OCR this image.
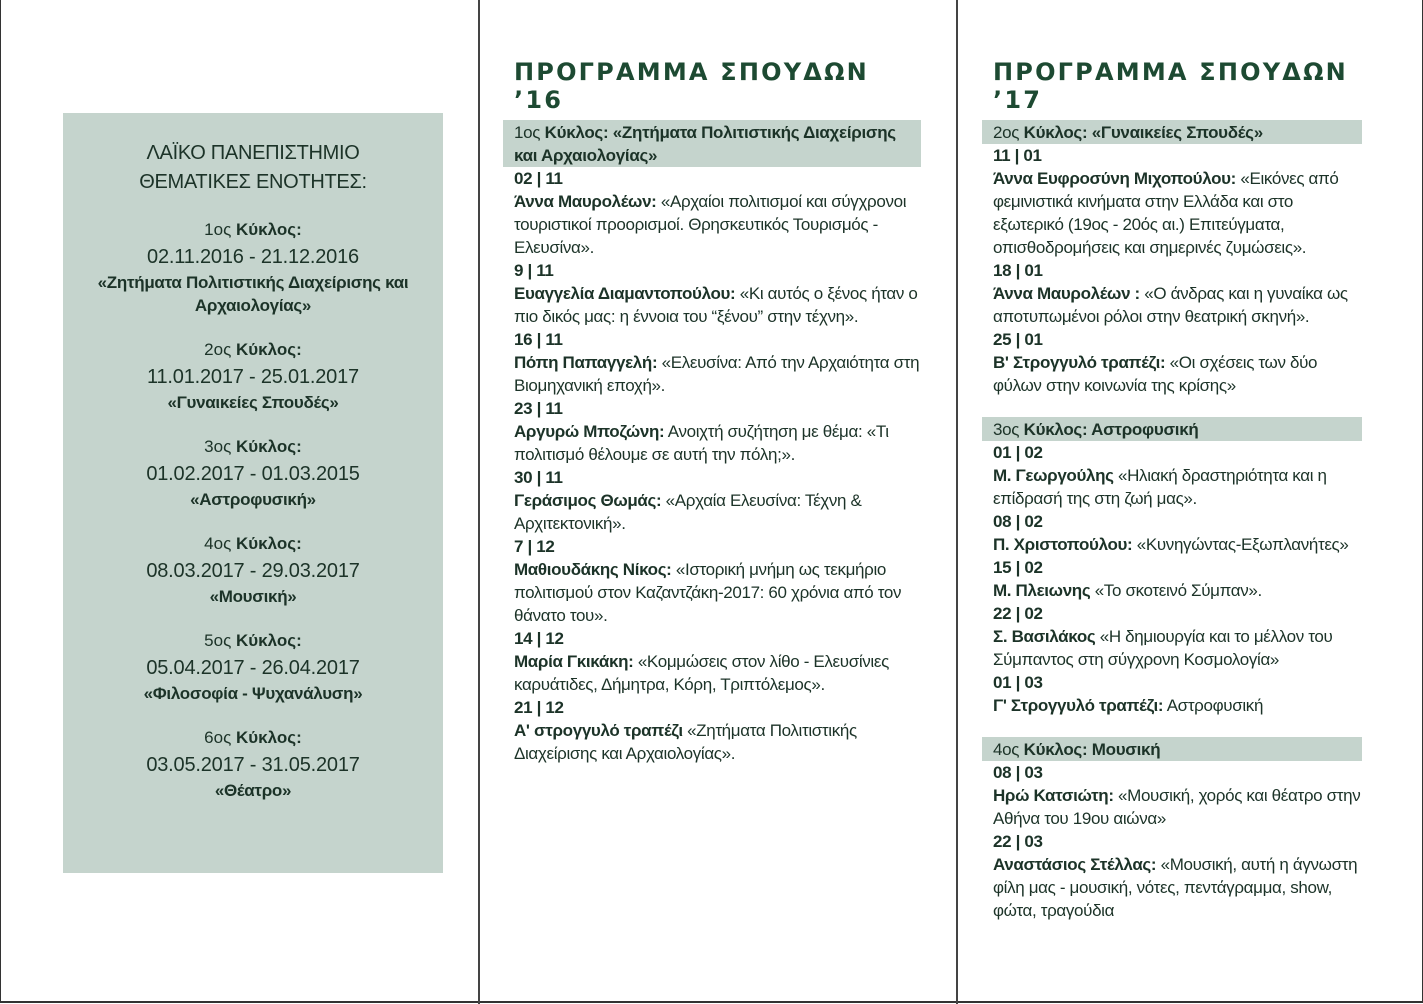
ΛΑΪΚΟ ΠΑΝΕΠΙΣΤΗΜΙΟ
ΘΕΜΑΤΙΚΕΣ ΕΝΟΤΗΤΕΣ:
1ος Κύκλος:
02.11.2016 - 21.12.2016
«Ζητήματα Πολιτιστικής Διαχείρισης και Αρχαιολογίας»
2ος Κύκλος:
11.01.2017 - 25.01.2017
«Γυναικείες Σπουδές»
3ος Κύκλος:
01.02.2017 - 01.03.2015
«Αστροφυσική»
4ος Κύκλος:
08.03.2017 - 29.03.2017
«Μουσική»
5ος Κύκλος:
05.04.2017 - 26.04.2017
«Φιλοσοφία - Ψυχανάλυση»
6ος Κύκλος:
03.05.2017 - 31.05.2017
«Θέατρο»
ΠΡΟΓΡΑΜΜΑ ΣΠΟΥΔΩΝ ’16
1ος Κύκλος: «Ζητήματα Πολιτιστικής Διαχείρισης και Αρχαιολογίας»
02 | 11
Άννα Μαυρολέων: «Αρχαίοι πολιτισμοί και σύγχρονοι τουριστικοί προορισμοί. Θρησκευτικός Τουρισμός - Ελευσίνα».
9 | 11
Ευαγγελία Διαμαντοπούλου: «Κι αυτός ο ξένος ήταν ο πιο δικός μας: η έννοια του “ξένου” στην τέχνη».
16 | 11
Πόπη Παπαγγελή: «Ελευσίνα: Από την Αρχαιότητα στη Βιομηχανική εποχή».
23 | 11
Αργυρώ Μποζώνη: Ανοιχτή συζήτηση με θέμα: «Τι πολιτισμό θέλουμε σε αυτή την πόλη;».
30 | 11
Γεράσιμος Θωμάς: «Αρχαία Ελευσίνα: Τέχνη & Αρχιτεκτονική».
7 | 12
Μαθιουδάκης Νίκος: «Ιστορική μνήμη ως τεκμήριο πολιτισμού στον Καζαντζάκη-2017: 60 χρόνια από τον θάνατο του».
14 | 12
Μαρία Γκικάκη: «Κομμώσεις στον λίθο - Ελευσίνιες καρυάτιδες, Δήμητρα, Κόρη, Τριπτόλεμος».
21 | 12
Α' στρογγυλό τραπέζι «Ζητήματα Πολιτιστικής Διαχείρισης και Αρχαιολογίας».
ΠΡΟΓΡΑΜΜΑ ΣΠΟΥΔΩΝ ’17
2ος Κύκλος: «Γυναικείες Σπουδές»
11 | 01
Άννα Ευφροσύνη Μιχοπούλου: «Εικόνες από φεμινιστικά κινήματα στην Ελλάδα και στο εξωτερικό (19ος - 20ός αι.) Επιτεύγματα, οπισθοδρομήσεις και σημερινές ζυμώσεις».
18 | 01
Άννα Μαυρολέων : «Ο άνδρας και η γυναίκα ως αποτυπωμένοι ρόλοι στην θεατρική σκηνή».
25 | 01
Β' Στρογγυλό τραπέζι: «Οι σχέσεις των δύο φύλων στην κοινωνία της κρίσης»
3ος Κύκλος: Αστροφυσική
01 | 02
Μ. Γεωργούλης «Ηλιακή δραστηριότητα και η επίδρασή της στη ζωή μας».
08 | 02
Π. Χριστοπούλου: «Κυνηγώντας-Εξωπλανήτες»
15 | 02
Μ. Πλειωνης «Το σκοτεινό Σύμπαν».
22 | 02
Σ. Βασιλάκος «Η δημιουργία και το μέλλον του Σύμπαντος στη σύγχρονη Κοσμολογία»
01 | 03
Γ' Στρογγυλό τραπέζι: Αστροφυσική
4ος Κύκλος: Μουσική
08 | 03
Ηρώ Κατσιώτη: «Μουσική, χορός και θέατρο στην Αθήνα του 19ου αιώνα»
22 | 03
Αναστάσιος Στέλλας: «Μουσική, αυτή η άγνωστη φίλη μας - μουσική, νότες, πεντάγραμμα, show, φώτα, τραγούδια
